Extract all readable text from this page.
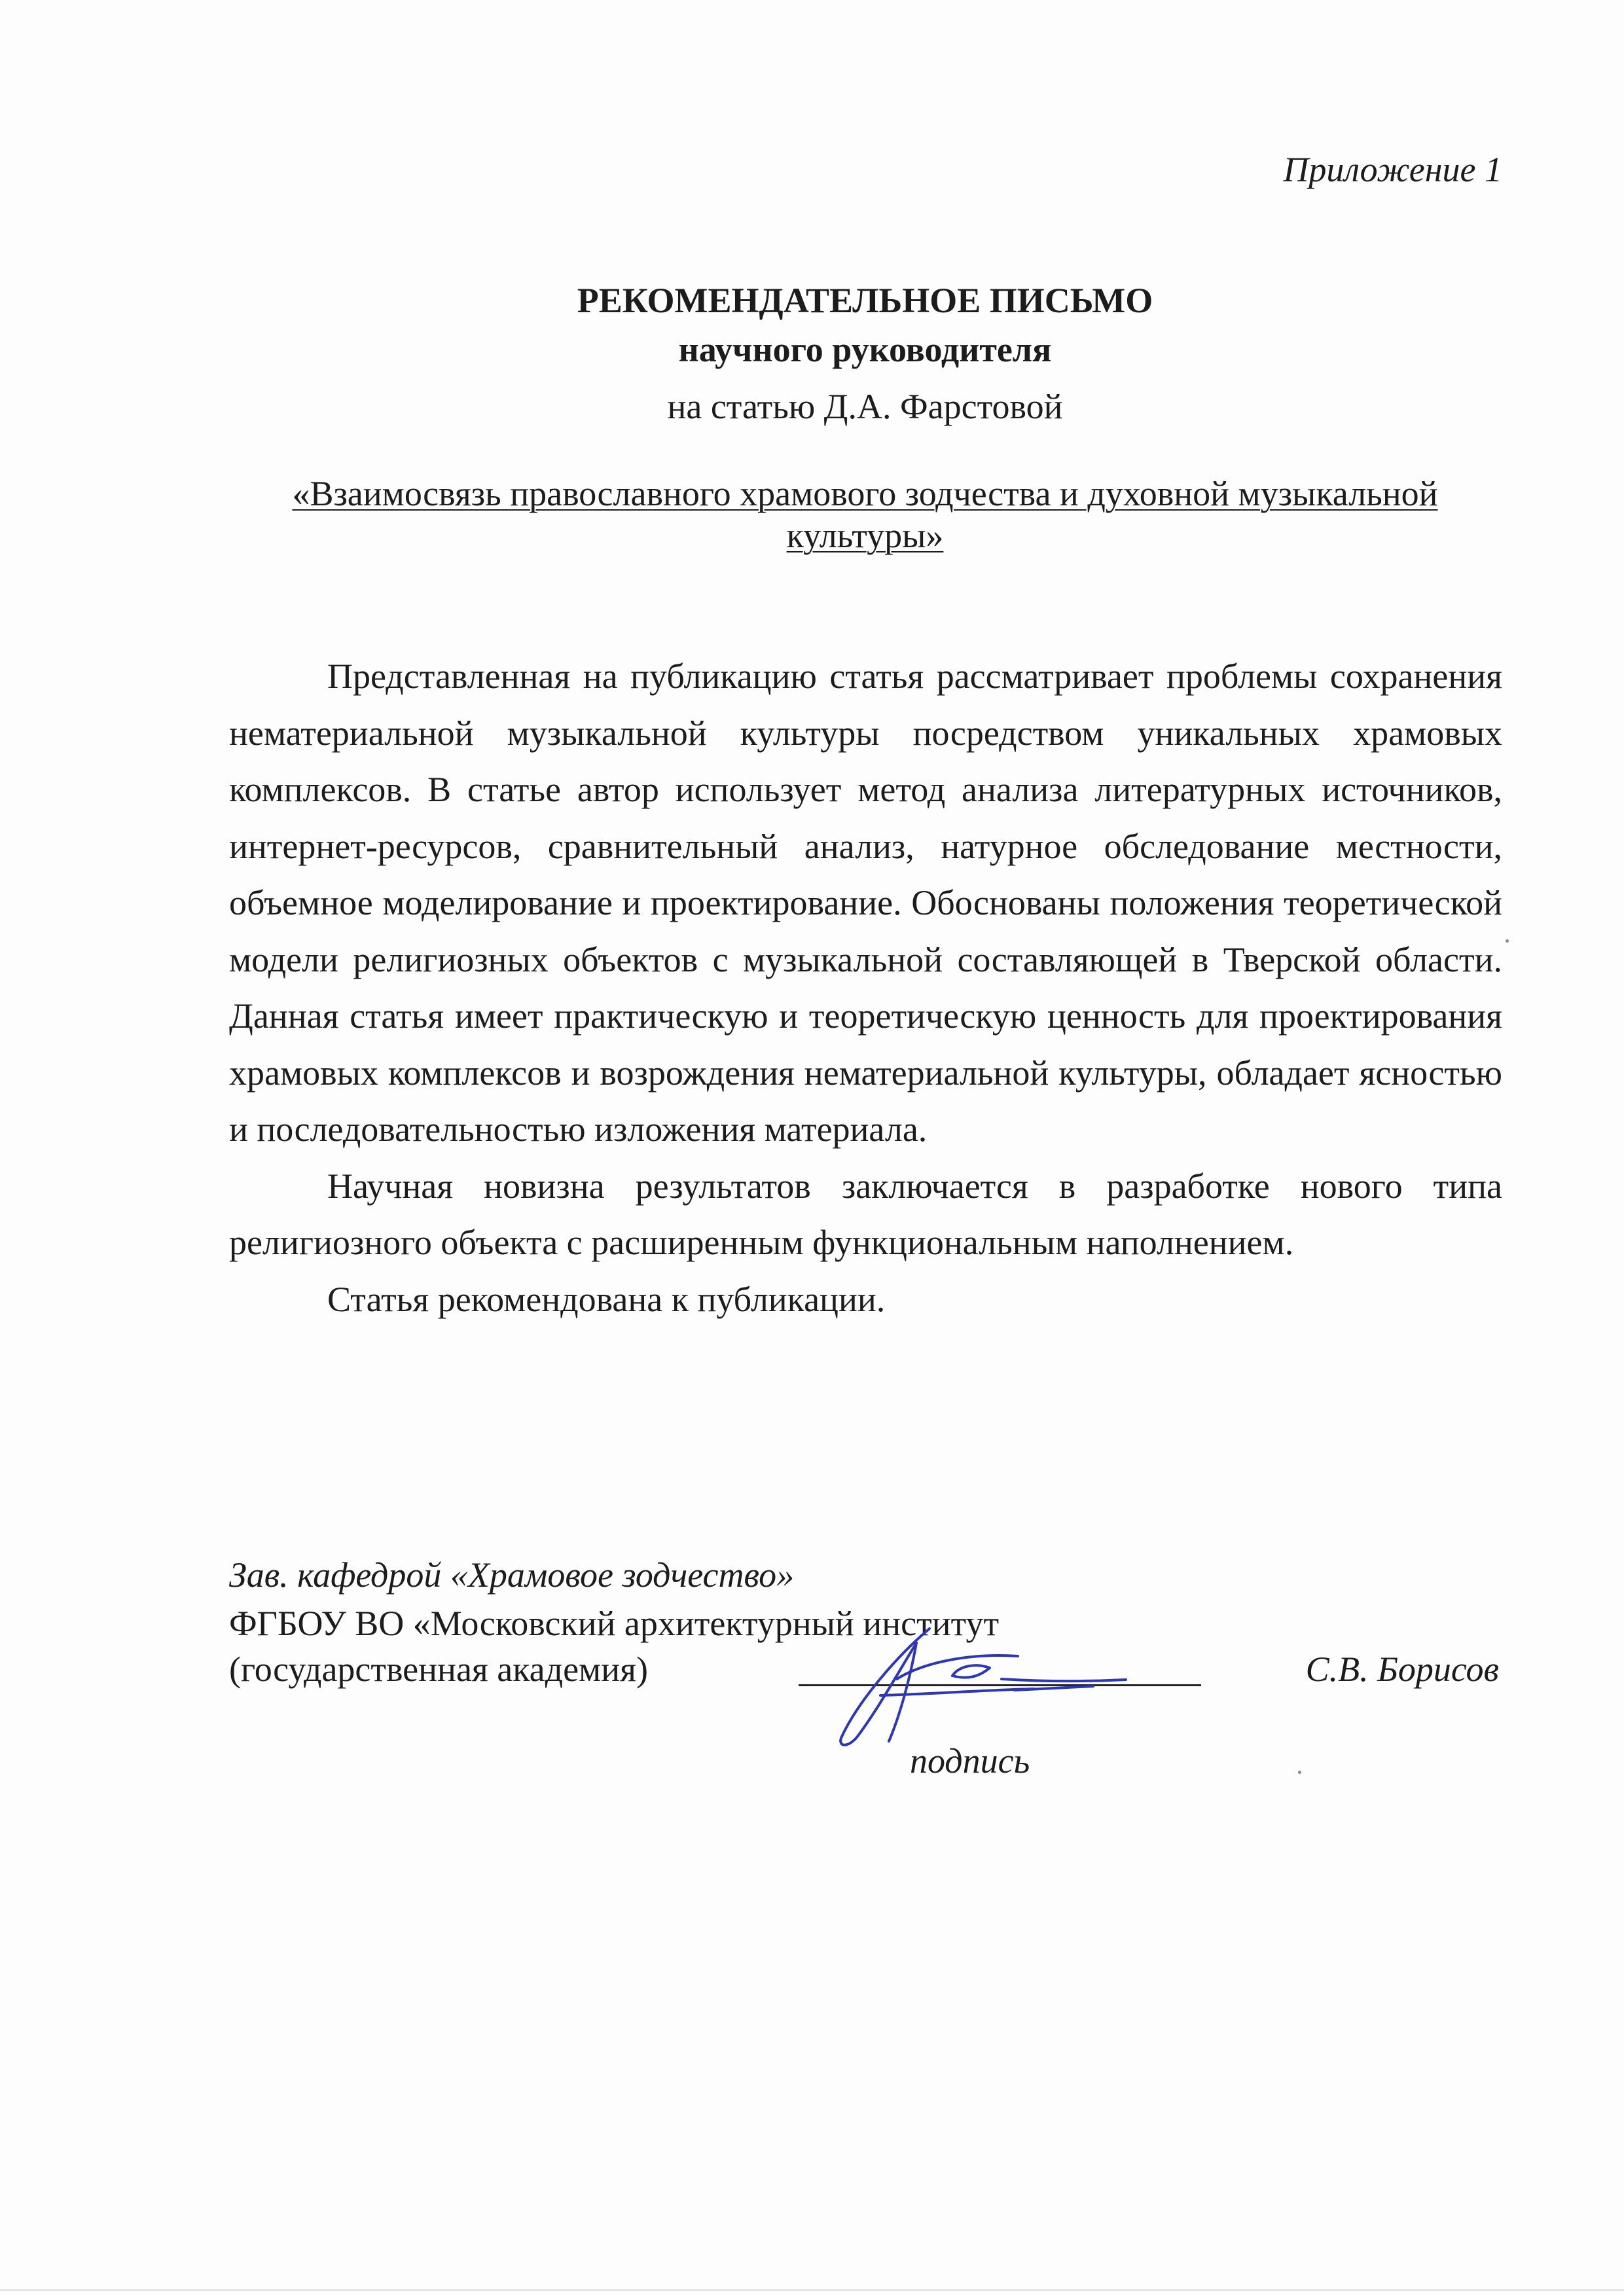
Приложение 1
РЕКОМЕНДАТЕЛЬНОЕ ПИСЬМО
научного руководителя
на статью Д.А. Фарстовой
«Взаимосвязь православного храмового зодчества и духовной музыкальной культуры»

Представленная на публикацию статья рассматривает проблемы сохранения нематериальной музыкальной культуры посредством уникальных храмовых комплексов. В статье автор использует метод анализа литературных источников, интернет-ресурсов, сравнительный анализ, натурное обследование местности, объемное моделирование и проектирование. Обоснованы положения теоретической модели религиозных объектов с музыкальной составляющей в Тверской области. Данная статья имеет практическую и теоретическую ценность для проектирования храмовых комплексов и возрождения нематериальной культуры, обладает ясностью и последовательностью изложения материала.

Научная новизна результатов заключается в разработке нового типа религиозного объекта с расширенным функциональным наполнением.

Статья рекомендована к публикации.

Зав. кафедрой «Храмовое зодчество»
ФГБОУ ВО «Московский архитектурный институт
(государственная академия)	С.В. Борисов
подпись
